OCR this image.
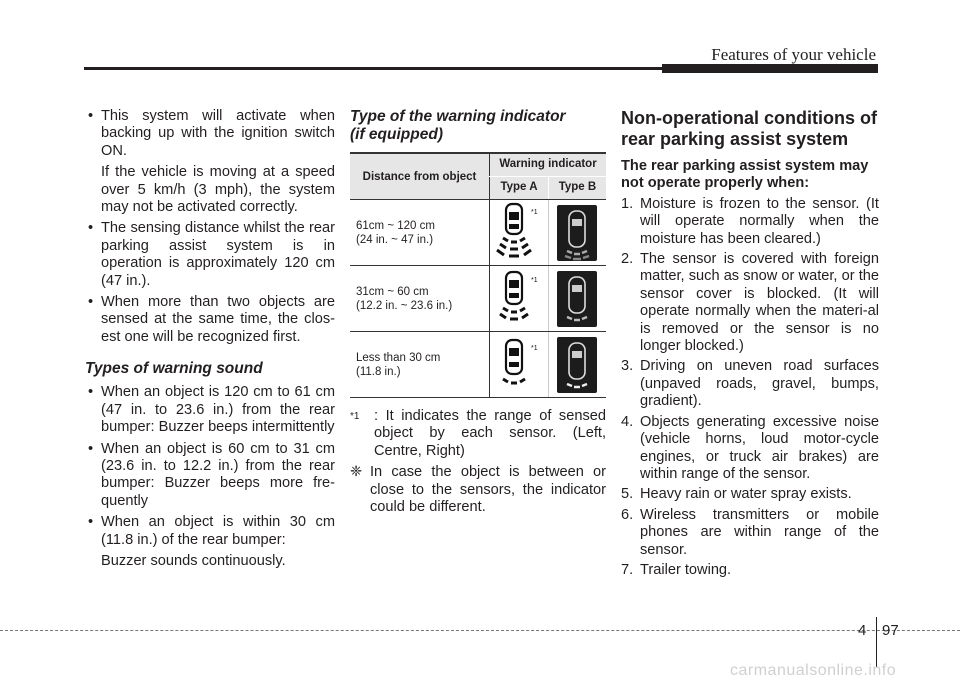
Features of your vehicle
• This system will activate when backing up with the ignition switch ON.
If the vehicle is moving at a speed over 5 km/h (3 mph), the system may not be activated correctly.
• The sensing distance whilst the rear parking assist system is in operation is approximately 120 cm (47 in.).
• When more than two objects are sensed at the same time, the clos-est one will be recognized first.
Types of warning sound
• When an object is 120 cm to 61 cm (47 in. to 23.6 in.) from the rear bumper: Buzzer beeps intermittently
• When an object is 60 cm to 31 cm (23.6 in. to 12.2 in.) from the rear bumper: Buzzer beeps more fre-quently
• When an object is within 30 cm (11.8 in.) of the rear bumper:
Buzzer sounds continuously.
Type of the warning indicator
(if equipped)
Distance from object	Warning indicator	
	Type A	Type B
61cm ~ 120 cm
(24 in. ~ 47 in.)	*1

31cm ~ 60 cm
(12.2 in. ~ 23.6 in.)	*1

Less than 30 cm
(11.8 in.)	*1

*1 : It indicates the range of sensed object by each sensor. (Left, Centre, Right)
❈ In case the object is between or close to the sensors, the indicator could be different.
Non-operational conditions of
rear parking assist system
The rear parking assist system may not operate properly when:
1. Moisture is frozen to the sensor. (It will operate normally when the moisture has been cleared.)
2. The sensor is covered with foreign matter, such as snow or water, or the sensor cover is blocked. (It will operate normally when the materi-al is removed or the sensor is no longer blocked.)
3. Driving on uneven road surfaces (unpaved roads, gravel, bumps, gradient).
4. Objects generating excessive noise (vehicle horns, loud motor-cycle engines, or truck air brakes) are within range of the sensor.
5. Heavy rain or water spray exists.
6. Wireless transmitters or mobile phones are within range of the sensor.
7. Trailer towing.
4 97
carmanualsonline.info
